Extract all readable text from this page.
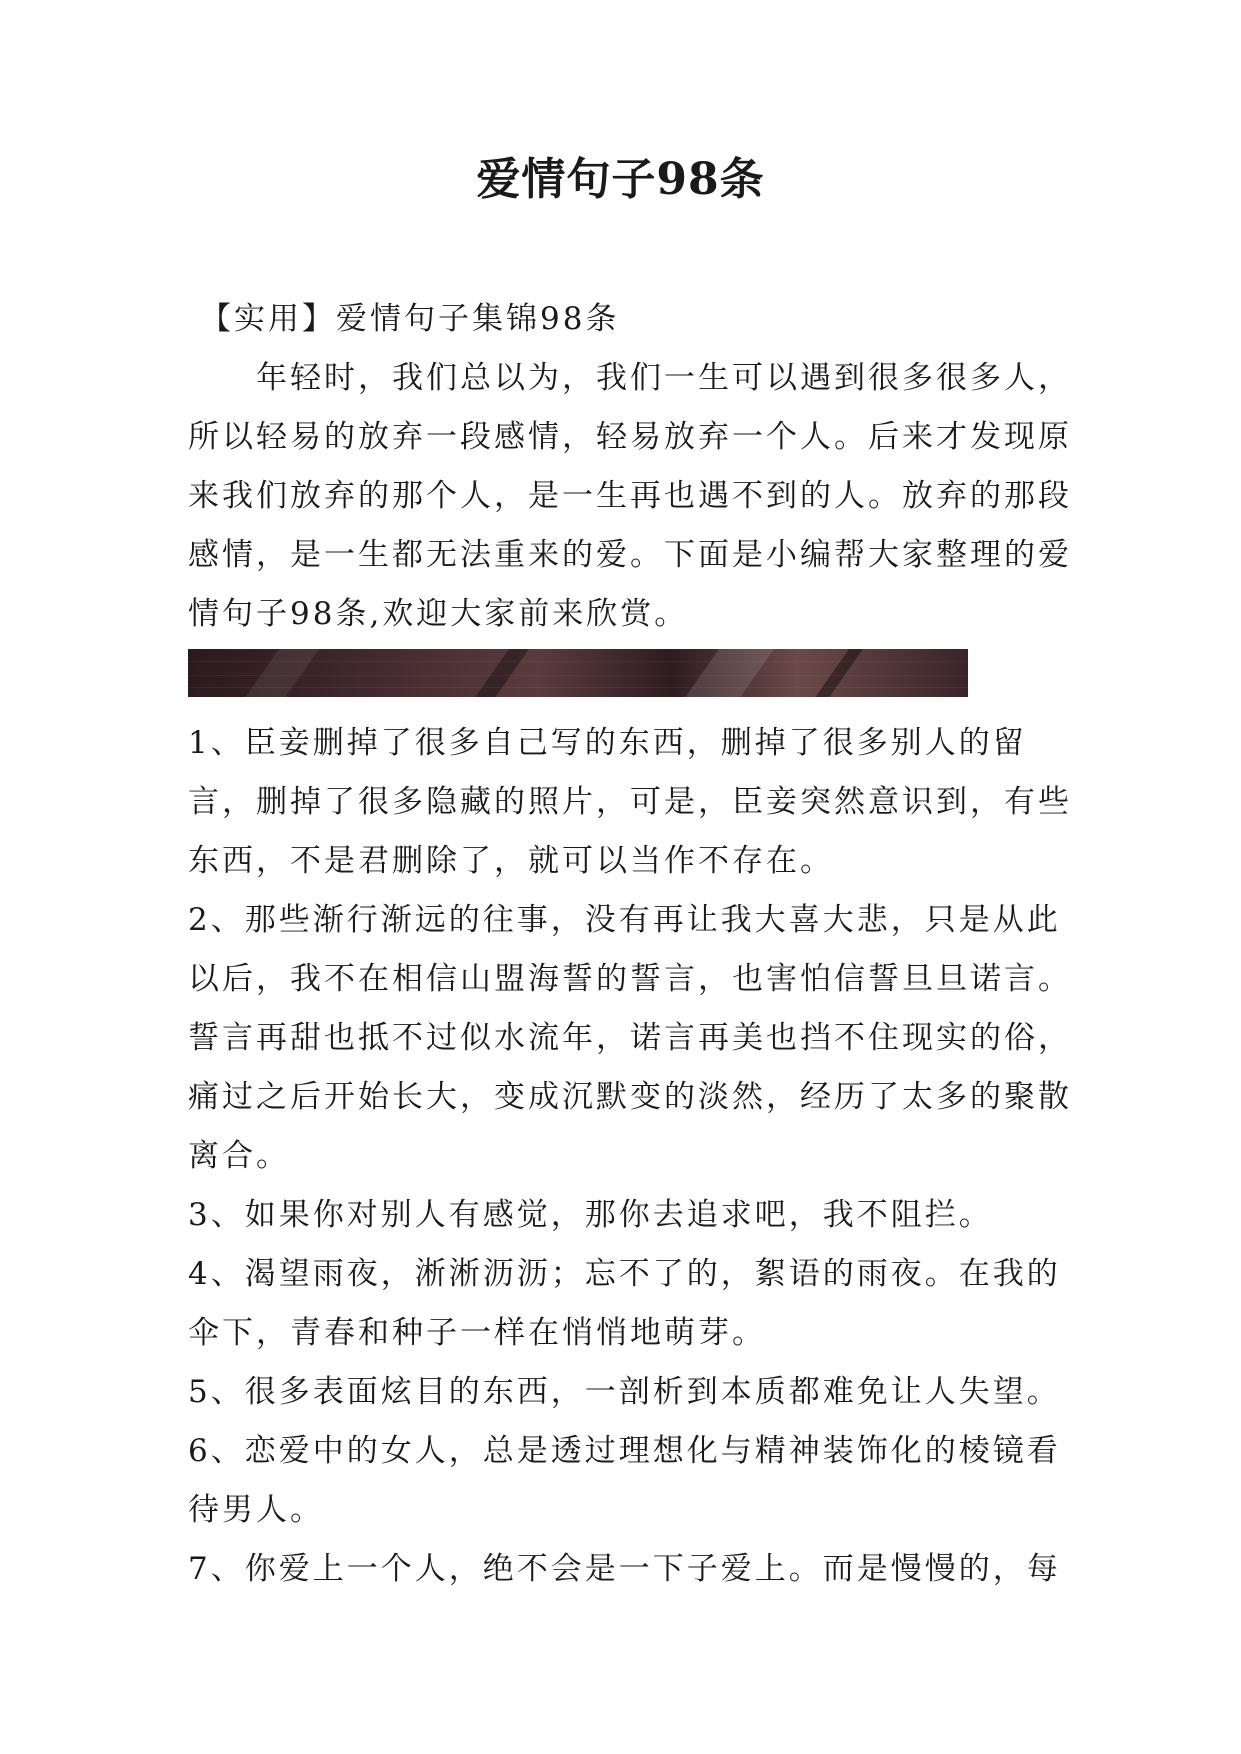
爱情句子98条

【实用】爱情句子集锦98条

年轻时，我们总以为，我们一生可以遇到很多很多人，所以轻易的放弃一段感情，轻易放弃一个人。后来才发现原来我们放弃的那个人，是一生再也遇不到的人。放弃的那段感情，是一生都无法重来的爱。下面是小编帮大家整理的爱情句子98条,欢迎大家前来欣赏。

1、臣妾删掉了很多自己写的东西，删掉了很多别人的留言，删掉了很多隐藏的照片，可是，臣妾突然意识到，有些东西，不是君删除了，就可以当作不存在。

2、那些渐行渐远的往事，没有再让我大喜大悲，只是从此以后，我不在相信山盟海誓的誓言，也害怕信誓旦旦诺言。誓言再甜也抵不过似水流年，诺言再美也挡不住现实的俗，痛过之后开始长大，变成沉默变的淡然，经历了太多的聚散离合。

3、如果你对别人有感觉，那你去追求吧，我不阻拦。

4、渴望雨夜，淅淅沥沥；忘不了的，絮语的雨夜。在我的伞下，青春和种子一样在悄悄地萌芽。

5、很多表面炫目的东西，一剖析到本质都难免让人失望。

6、恋爱中的女人，总是透过理想化与精神装饰化的棱镜看待男人。

7、你爱上一个人，绝不会是一下子爱上。而是慢慢的，每
